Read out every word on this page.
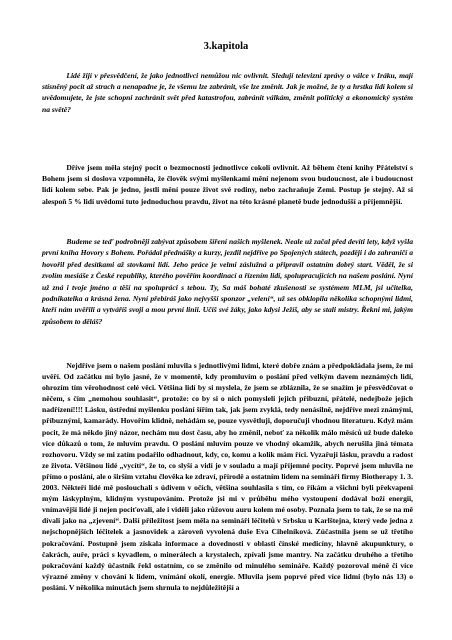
3.kapitola

Lidé žijí v přesvědčení, že jako jednotlivci nemůžou nic ovlivnit. Sledují televizní zprávy o válce v Iráku, mají stísněný pocit až strach a nenapadne je, že všemu lze zabránit, vše lze změnit. Jak je možné, že ty a hrstka lidí kolem si uvědomujete, že jste schopni zachránit svět před katastrofou, zabránit válkám, změnit politický a ekonomický systém na světě?

Dříve jsem měla stejný pocit o bezmocnosti jednotlivce cokoli ovlivnit. Až během čtení knihy Přátelství s Bohem jsem si doslova vzpomněla, že člověk svými myšlenkami mění nejenom svou budoucnost, ale i budoucnost lidí kolem sebe. Pak je jedno, jestli mění pouze život své rodiny, nebo zachraňuje Zemi. Postup je stejný. Až si alespoň 5 % lidí uvědomí tuto jednoduchou pravdu, život na této krásné planetě bude jednodušší a příjemnější.

Budeme se teď podrobněji zabývat způsobem šíření našich myšlenek. Neale už začal před devíti lety, když vyšla první kniha Hovory s Bohem. Pořádal přednášky a kurzy, jezdil nejdříve po Spojených státech, později i do zahraničí a hovořil před desítkami až stovkami lidí. Jeho práce je velmi záslužná a připravil ostatním dobrý start. Věděl, že si zvolím mesiáše z České republiky, kterého pověřím koordinací a řízením lidí, spolupracujících na našem poslání. Nyní už zná i tvoje jméno a těší na spolupráci s tebou. Ty, Sa máš bohaté zkušenosti se systémem MLM, jsi učitelka, podnikatelka a krásná žena. Nyní přebíráš jako nejvyšší sponzor „velení“, už ses obklopila několika schopnými lidmi, kteří nám uvěřili a vytváříš svoji a mou první linii. Učíš své žáky, jako kdysi Ježíš, aby se stali mistry. Řekni mi, jakým způsobem to děláš?

Nejdříve jsem o našem poslání mluvila s jednotlivými lidmi, které dobře znám a předpokládala jsem, že mi uvěří. Od začátku mi bylo jasné, že v momentě, kdy promluvím o poslání před velkým davem neznámých lidí, ohrozím tím věrohodnost celé věci. Většina lidí by si myslela, že jsem se zbláznila, že se snažím je přesvědčovat o něčem, s čím „nemohou souhlasit“, protože: co by si o nich pomysleli jejich přibuzní, přátelé, nedejbože jejich nadřízení!!!! Lásku, ústřední myšlenku poslání šířím tak, jak jsem zvyklá, tedy nenásilně, nejdříve mezi známými, příbuznými, kamarády. Hovořím klidně, nehádám se, pouze vysvětluji, doporučuji vhodnou literaturu. Když mám pocit, že má někdo jiný názor, nechám mu dost času, aby ho změnil, neboť za několik málo měsíců už bude daleko více důkazů o tom, že mluvím pravdu. O poslání mluvím pouze ve vhodný okamžik, abych nerušila jiná témata rozhovoru. Vždy se mi zatím podařilo odhadnout, kdy, co, komu a kolik mám říci. Vyzařuji lásku, pravdu a radost ze života. Většinou lidé „vycítí“, že to, co slyší a vidí je v souladu a mají příjemné pocity. Poprvé jsem mluvila ne přímo o poslání, ale o širším vztahu člověka ke zdraví, přírodě a ostatním lidem na semináři firmy Biotherapy 1. 3. 2003. Někteří lidé mě poslouchali s údivem v očích, většina souhlasila s tím, co říkám a všichni byli překvapeni mým láskyplným, klidným vystupováním. Protože jsi mi v průběhu mého vystoupení dodával boží energii, vnímavější lidé ji nejen pociťovali, ale i viděli jako růžovou auru kolem mé osoby. Poznala jsem to tak, že se na mě dívali jako na „zjevení“. Další příležitost jsem měla na semináři léčitelů v Srbsku u Karlštejna, který vede jedna z nejschopnějších léčitelek a jasnovidek a zároveň vyvolená duše Eva Cihelníková. Zúčastnila jsem se už třetího pokračování. Postupně jsem získala informace a dovednosti v oblasti čínské medicíny, hlavně akupunktury, o čakrách, auře, práci s kyvadlem, o minerálech a krystalech, zpívali jsme mantry. Na začátku druhého a třetího pokračování každý účastník řekl ostatním, co se změnilo od minulého semináře. Každý pozoroval méně či více výrazné změny v chování k lidem, vnímání okolí, energie. Mluvila jsem poprvé před více lidmi (bylo nás 13) o poslání. V několika minutách jsem shrnula to nejdůležitější a
